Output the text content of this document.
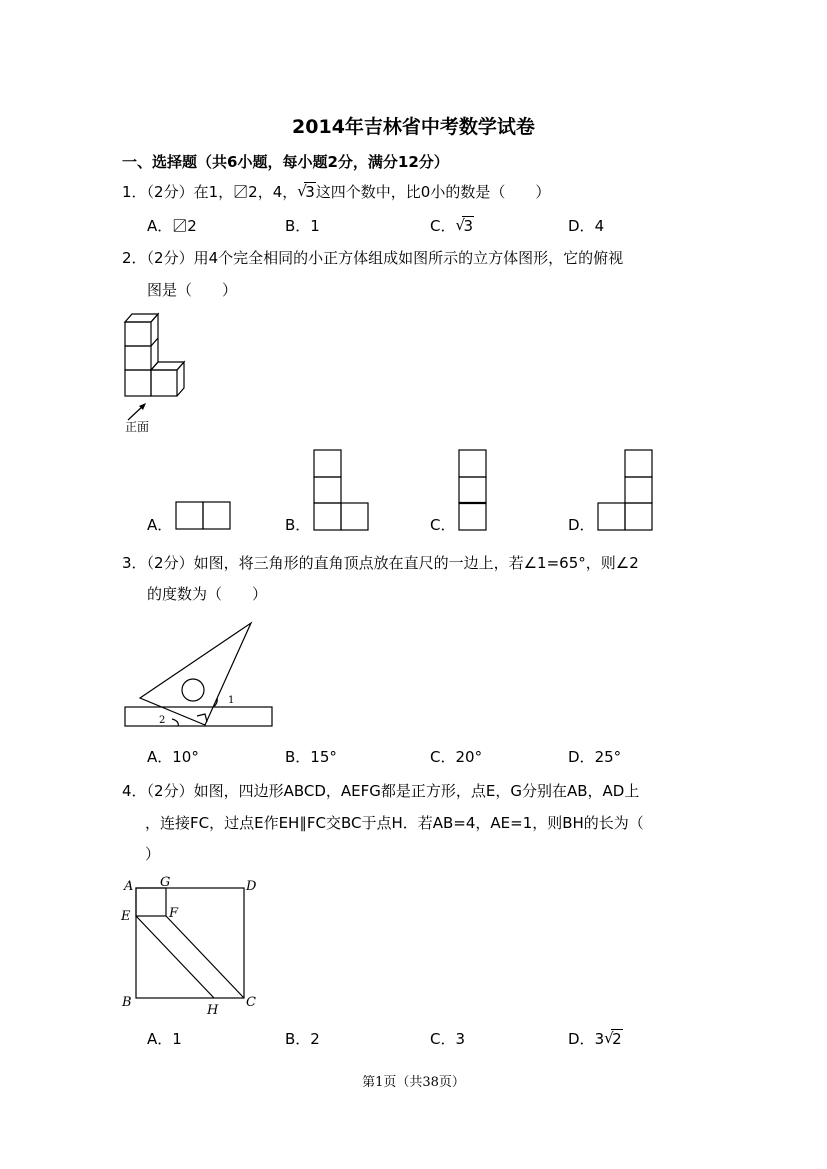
2014年吉林省中考数学试卷
一、选择题（共6小题，每小题2分，满分12分）
1．（2分）在1，〼2，4， √
3这四个数中，比0小的数是（　　）
A．〼2	B．1	C． √
3	D．4
2．（2分）用4个完全相同的小正方体组成如图所示的立方体图形，它的俯视
图是（　　）
正面
A．	B．	C．	D．
3．（2分）如图，将三角形的直角顶点放在直尺的一边上，若∠1=65°，则∠2
的度数为（　　）
1
2
A．10°	B．15°	C．20°	D．25°
4．（2分）如图，四边形ABCD，AEFG都是正方形，点E，G分别在AB，AD上
，连接FC，过点E作EH∥FC交BC于点H．若AB=4，AE=1，则BH的长为（
）
A G	D
E	F
B	C
H
A．1	B．2	C．3	D．3 √
2
第1页（共38页）
